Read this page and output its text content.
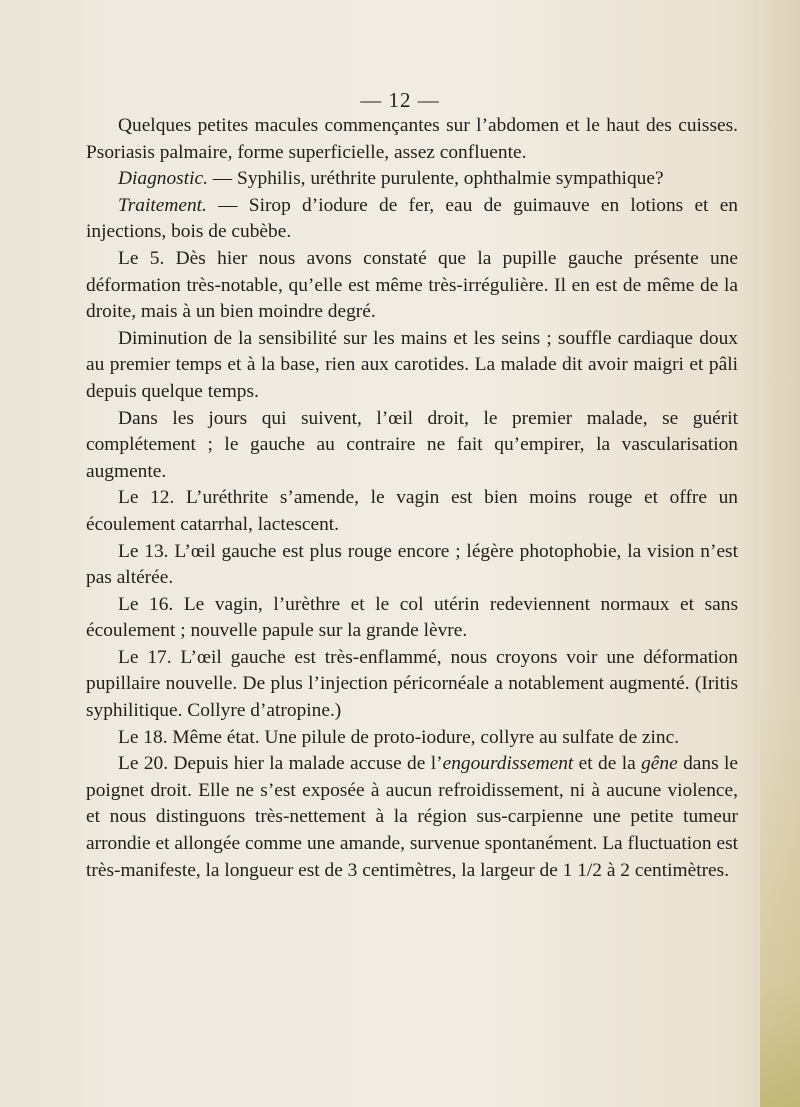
— 12 —

Quelques petites macules commençantes sur l’abdomen et le haut des cuisses. Psoriasis palmaire, forme superficielle, assez confluente.

Diagnostic. — Syphilis, uréthrite purulente, ophthalmie sympathique?

Traitement. — Sirop d’iodure de fer, eau de guimauve en lotions et en injections, bois de cubèbe.

Le 5. Dès hier nous avons constaté que la pupille gauche présente une déformation très-notable, qu’elle est même très-irrégulière. Il en est de même de la droite, mais à un bien moindre degré.

Diminution de la sensibilité sur les mains et les seins ; souffle cardiaque doux au premier temps et à la base, rien aux carotides. La malade dit avoir maigri et pâli depuis quelque temps.

Dans les jours qui suivent, l’œil droit, le premier malade, se guérit complétement ; le gauche au contraire ne fait qu’empirer, la vascularisation augmente.

Le 12. L’uréthrite s’amende, le vagin est bien moins rouge et offre un écoulement catarrhal, lactescent.

Le 13. L’œil gauche est plus rouge encore ; légère photophobie, la vision n’est pas altérée.

Le 16. Le vagin, l’urèthre et le col utérin redeviennent normaux et sans écoulement ; nouvelle papule sur la grande lèvre.

Le 17. L’œil gauche est très-enflammé, nous croyons voir une déformation pupillaire nouvelle. De plus l’injection péricornéale a notablement augmenté. (Iritis syphilitique. Collyre d’atropine.)

Le 18. Même état. Une pilule de proto-iodure, collyre au sulfate de zinc.

Le 20. Depuis hier la malade accuse de l’engourdissement et de la gêne dans le poignet droit. Elle ne s’est exposée à aucun refroidissement, ni à aucune violence, et nous distinguons très-nettement à la région sus-carpienne une petite tumeur arrondie et allongée comme une amande, survenue spontanément. La fluctuation est très-manifeste, la longueur est de 3 centimètres, la largeur de 1 1/2 à 2 centimètres.
